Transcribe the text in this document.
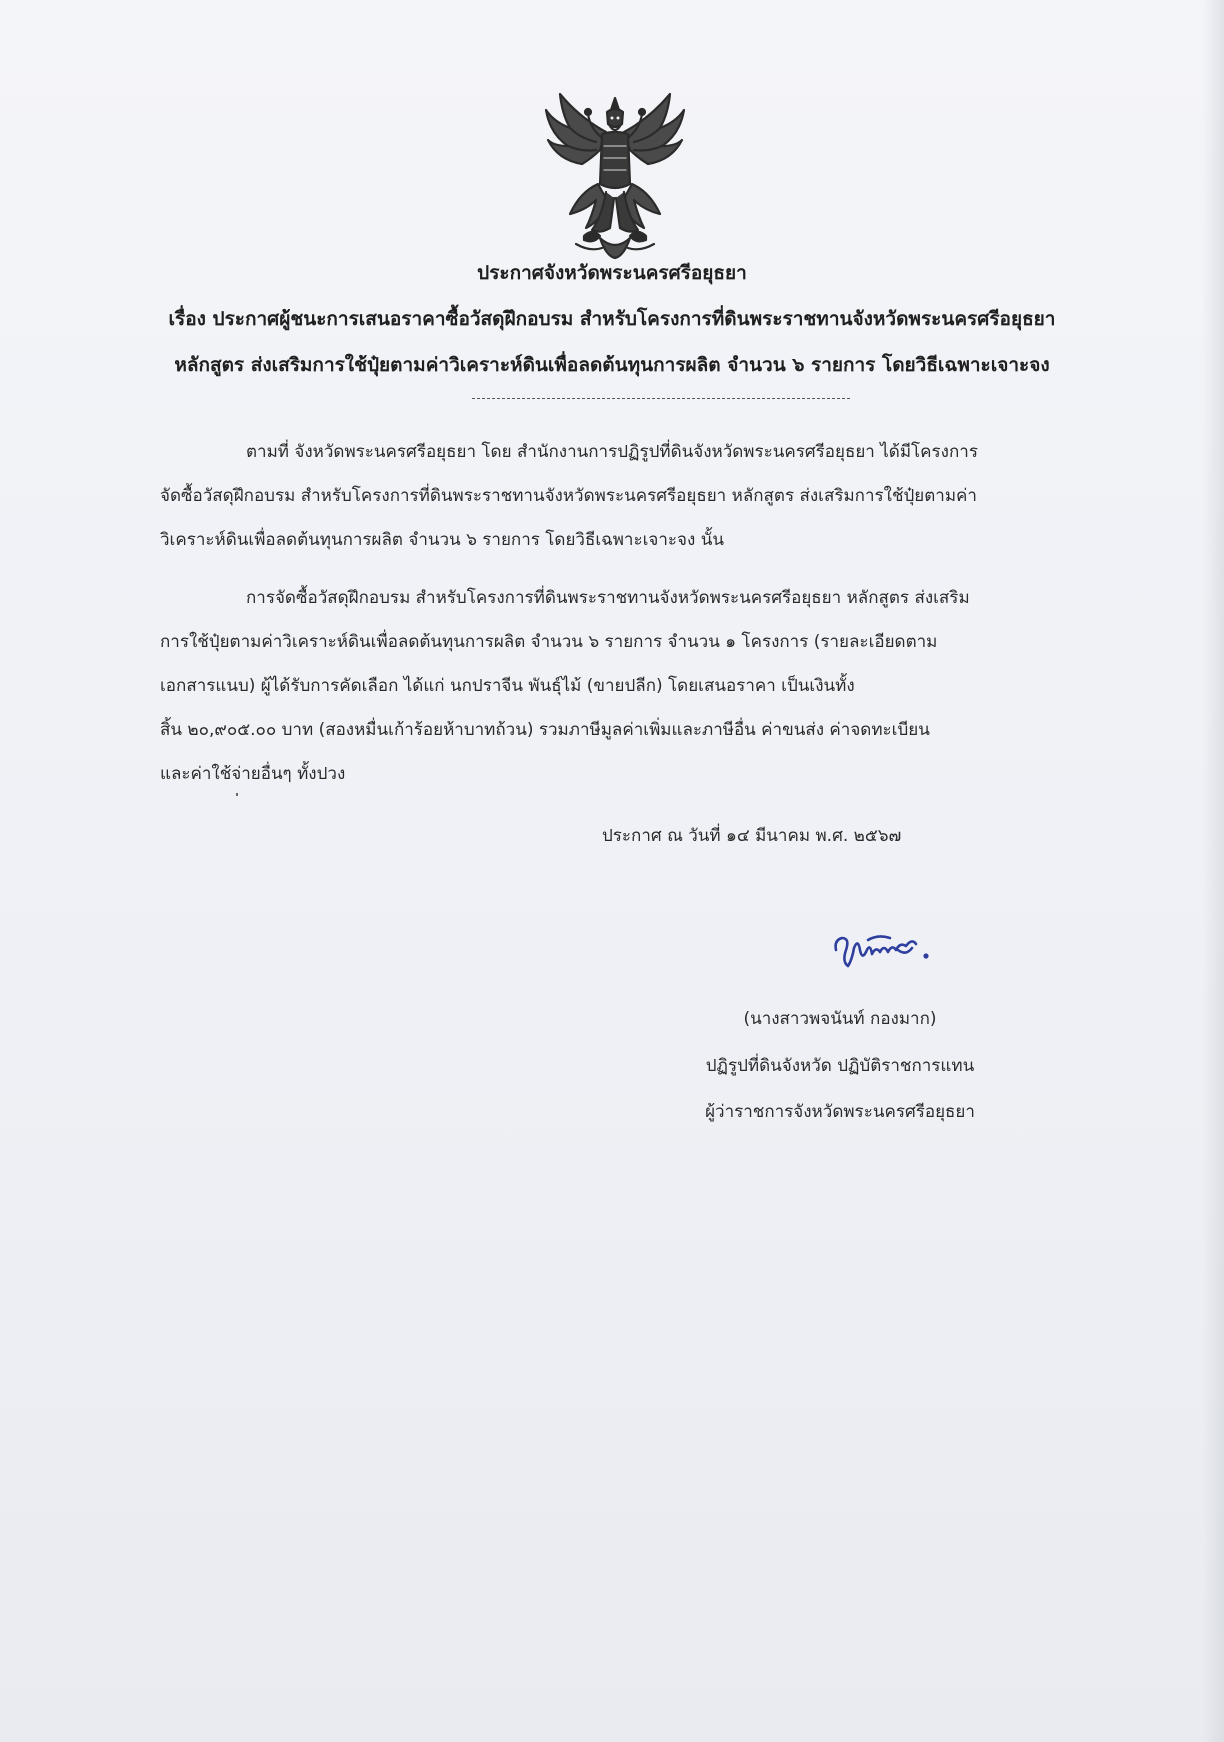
ประกาศจังหวัดพระนครศรีอยุธยา
เรื่อง ประกาศผู้ชนะการเสนอราคาซื้อวัสดุฝึกอบรม สำหรับโครงการที่ดินพระราชทานจังหวัดพระนครศรีอยุธยา
หลักสูตร ส่งเสริมการใช้ปุ๋ยตามค่าวิเคราะห์ดินเพื่อลดต้นทุนการผลิต จำนวน ๖ รายการ โดยวิธีเฉพาะเจาะจง
ตามที่ จังหวัดพระนครศรีอยุธยา โดย สำนักงานการปฏิรูปที่ดินจังหวัดพระนครศรีอยุธยา ได้มีโครงการ
จัดซื้อวัสดุฝึกอบรม สำหรับโครงการที่ดินพระราชทานจังหวัดพระนครศรีอยุธยา หลักสูตร ส่งเสริมการใช้ปุ๋ยตามค่า
วิเคราะห์ดินเพื่อลดต้นทุนการผลิต จำนวน ๖ รายการ โดยวิธีเฉพาะเจาะจง นั้น
การจัดซื้อวัสดุฝึกอบรม สำหรับโครงการที่ดินพระราชทานจังหวัดพระนครศรีอยุธยา หลักสูตร ส่งเสริม
การใช้ปุ๋ยตามค่าวิเคราะห์ดินเพื่อลดต้นทุนการผลิต จำนวน ๖ รายการ จำนวน ๑ โครงการ (รายละเอียดตาม
เอกสารแนบ) ผู้ได้รับการคัดเลือก ได้แก่ นกปราจีน พันธุ์ไม้ (ขายปลีก) โดยเสนอราคา เป็นเงินทั้ง
สิ้น ๒๐,๙๐๕.๐๐ บาท (สองหมื่นเก้าร้อยห้าบาทถ้วน) รวมภาษีมูลค่าเพิ่มและภาษีอื่น ค่าขนส่ง ค่าจดทะเบียน
และค่าใช้จ่ายอื่นๆ ทั้งปวง
ประกาศ ณ วันที่ ๑๔ มีนาคม พ.ศ. ๒๕๖๗
(นางสาวพจนันท์ กองมาก)
ปฏิรูปที่ดินจังหวัด ปฏิบัติราชการแทน
ผู้ว่าราชการจังหวัดพระนครศรีอยุธยา
